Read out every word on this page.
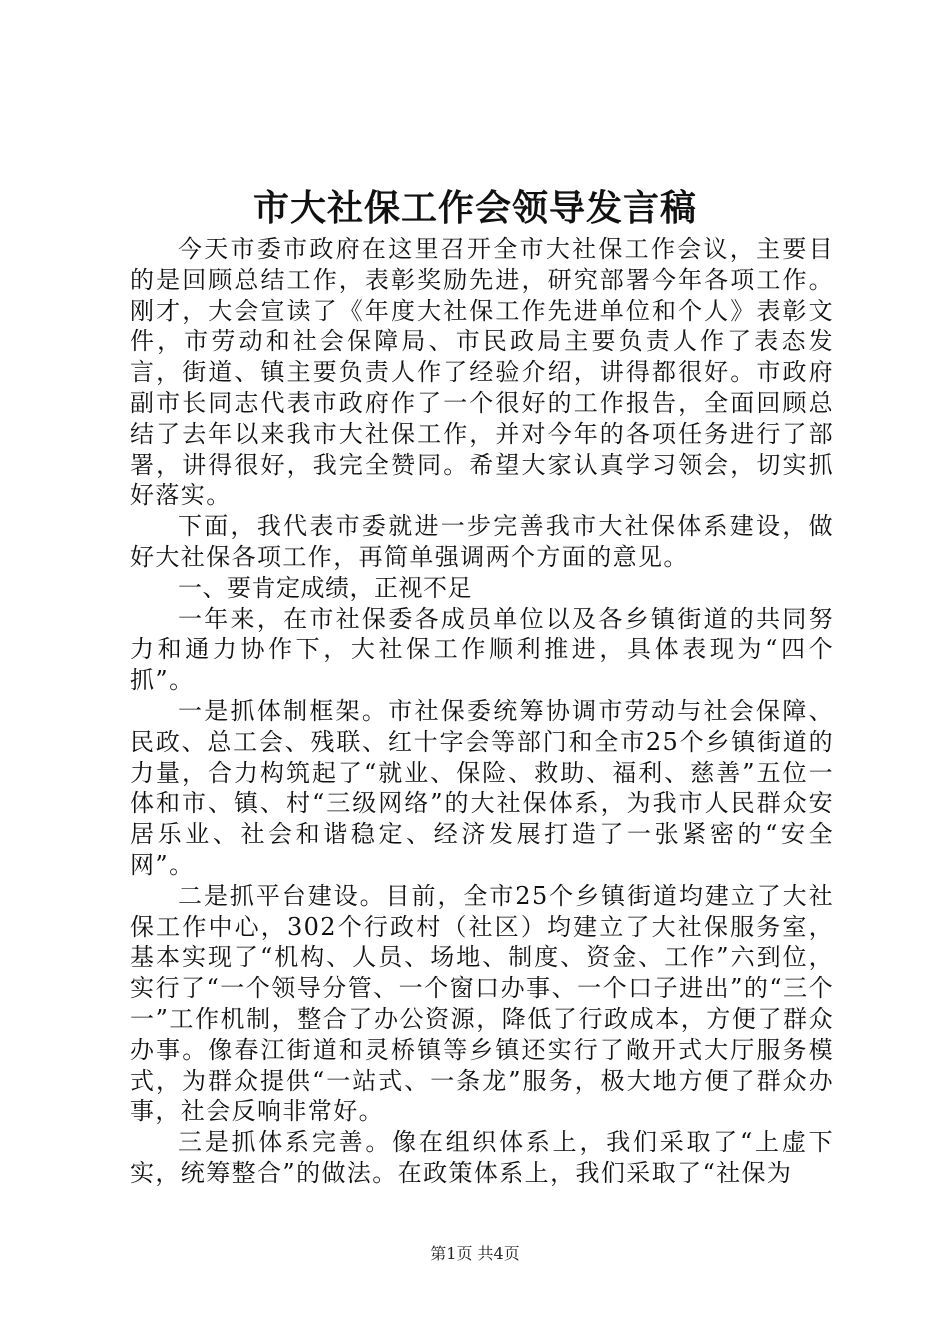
市大社保工作会领导发言稿

今天市委市政府在这里召开全市大社保工作会议，主要目的是回顾总结工作，表彰奖励先进，研究部署今年各项工作。刚才，大会宣读了《年度大社保工作先进单位和个人》表彰文件，市劳动和社会保障局、市民政局主要负责人作了表态发言，街道、镇主要负责人作了经验介绍，讲得都很好。市政府副市长同志代表市政府作了一个很好的工作报告，全面回顾总结了去年以来我市大社保工作，并对今年的各项任务进行了部署，讲得很好，我完全赞同。希望大家认真学习领会，切实抓好落实。

下面，我代表市委就进一步完善我市大社保体系建设，做好大社保各项工作，再简单强调两个方面的意见。

一、要肯定成绩，正视不足

一年来，在市社保委各成员单位以及各乡镇街道的共同努力和通力协作下，大社保工作顺利推进，具体表现为“四个抓”。

一是抓体制框架。市社保委统筹协调市劳动与社会保障、民政、总工会、残联、红十字会等部门和全市25个乡镇街道的力量，合力构筑起了“就业、保险、救助、福利、慈善”五位一体和市、镇、村“三级网络”的大社保体系，为我市人民群众安居乐业、社会和谐稳定、经济发展打造了一张紧密的“安全网”。

二是抓平台建设。目前，全市25个乡镇街道均建立了大社保工作中心，302个行政村（社区）均建立了大社保服务室，基本实现了“机构、人员、场地、制度、资金、工作”六到位，实行了“一个领导分管、一个窗口办事、一个口子进出”的“三个一”工作机制，整合了办公资源，降低了行政成本，方便了群众办事。像春江街道和灵桥镇等乡镇还实行了敞开式大厅服务模式，为群众提供“一站式、一条龙”服务，极大地方便了群众办事，社会反响非常好。

三是抓体系完善。像在组织体系上，我们采取了“上虚下实，统筹整合”的做法。在政策体系上，我们采取了“社保为

第1页 共4页
